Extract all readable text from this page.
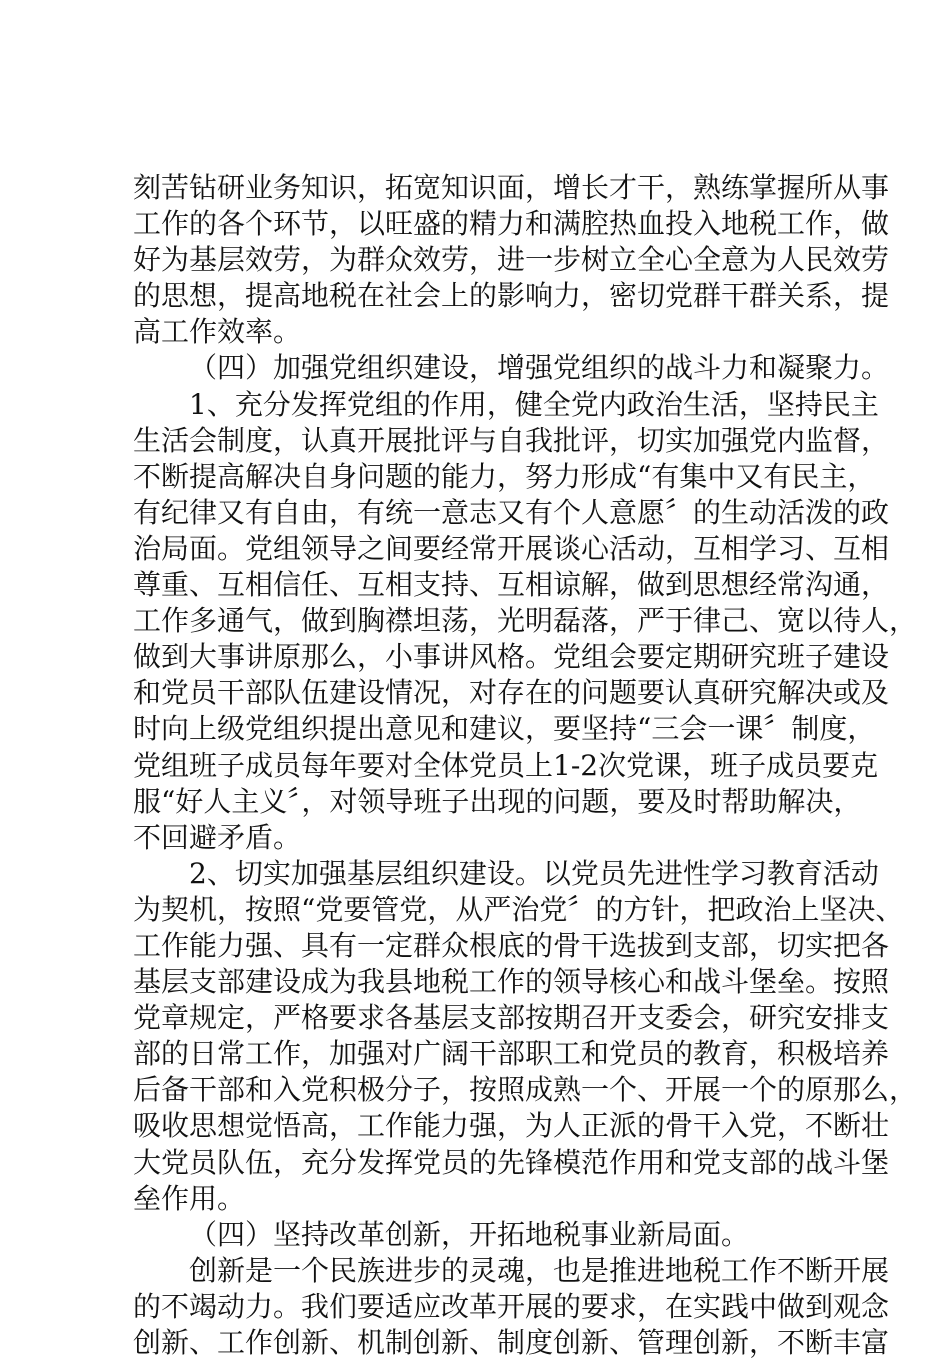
刻苦钻研业务知识，拓宽知识面，增长才干，熟练掌握所从事
工作的各个环节，以旺盛的精力和满腔热血投入地税工作，做
好为基层效劳，为群众效劳，进一步树立全心全意为人民效劳
的思想，提高地税在社会上的影响力，密切党群干群关系，提
高工作效率。
（四）加强党组织建设，增强党组织的战斗力和凝聚力。
1、充分发挥党组的作用，健全党内政治生活，坚持民主
生活会制度，认真开展批评与自我批评，切实加强党内监督，
不断提高解决自身问题的能力，努力形成“有集中又有民主，
有纪律又有自由，有统一意志又有个人意愿〞的生动活泼的政
治局面。党组领导之间要经常开展谈心活动，互相学习、互相
尊重、互相信任、互相支持、互相谅解，做到思想经常沟通，
工作多通气，做到胸襟坦荡，光明磊落，严于律己、宽以待人，
做到大事讲原那么，小事讲风格。党组会要定期研究班子建设
和党员干部队伍建设情况，对存在的问题要认真研究解决或及
时向上级党组织提出意见和建议，要坚持“三会一课〞制度，
党组班子成员每年要对全体党员上1-2次党课，班子成员要克
服“好人主义〞，对领导班子出现的问题，要及时帮助解决，
不回避矛盾。
2、切实加强基层组织建设。以党员先进性学习教育活动
为契机，按照“党要管党，从严治党〞的方针，把政治上坚决、
工作能力强、具有一定群众根底的骨干选拔到支部，切实把各
基层支部建设成为我县地税工作的领导核心和战斗堡垒。按照
党章规定，严格要求各基层支部按期召开支委会，研究安排支
部的日常工作，加强对广阔干部职工和党员的教育，积极培养
后备干部和入党积极分子，按照成熟一个、开展一个的原那么，
吸收思想觉悟高，工作能力强，为人正派的骨干入党，不断壮
大党员队伍，充分发挥党员的先锋模范作用和党支部的战斗堡
垒作用。
（四）坚持改革创新，开拓地税事业新局面。
创新是一个民族进步的灵魂，也是推进地税工作不断开展
的不竭动力。我们要适应改革开展的要求，在实践中做到观念
创新、工作创新、机制创新、制度创新、管理创新，不断丰富
